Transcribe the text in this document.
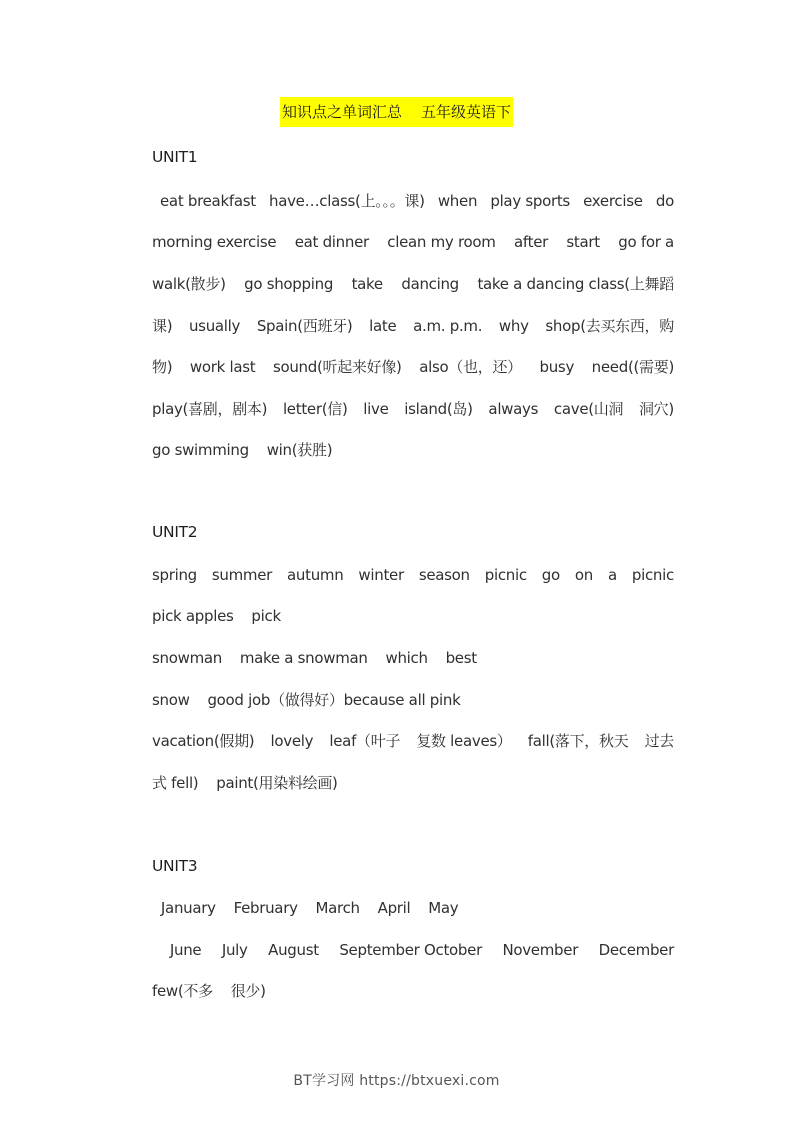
知识点之单词汇总    五年级英语下
UNIT1
eat breakfast have…class(上。。。课) when play sports exercise do
morning exercise eat dinner clean my room after start go for a
walk(散步) go shopping take dancing take a dancing class(上舞蹈
课) usually Spain(西班牙) late a.m. p.m. why shop(去买东西，购
物) work last sound(听起来好像) also（也，还） busy need((需要)
play(喜剧，剧本) letter(信) live island(岛) always cave(山洞 洞穴)
go swimming    win(获胜)
UNIT2
spring summer autumn winter season picnic go on a picnic
pick apples    pick
snowman    make a snowman    which    best
snow    good job（做得好）because all pink
vacation(假期) lovely leaf（叶子 复数 leaves） fall(落下，秋天 过去
式 fell)    paint(用染料绘画)
UNIT3
January    February    March    April    May
June July August September October November December
few(不多    很少)
BT学习网 https://btxuexi.com
